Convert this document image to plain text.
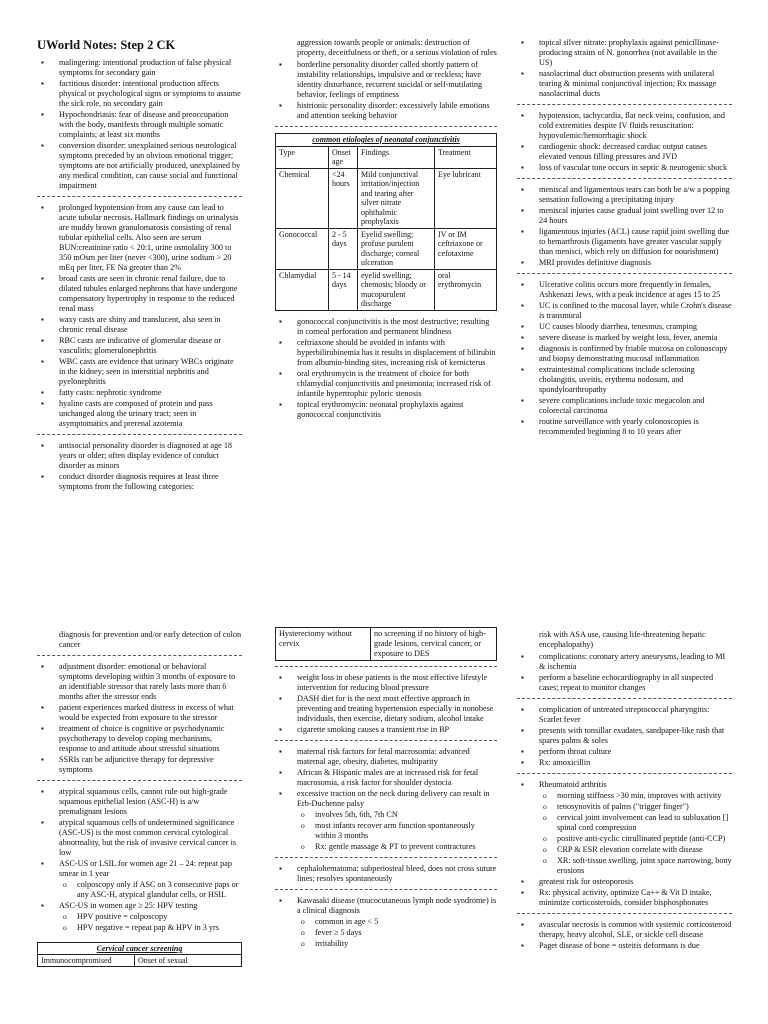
UWorld Notes: Step 2 CK
▪ malingering: intentional production of false physical symptoms for secondary gain
▪ factitious disorder: intentional production affects physical or psychological signs or symptoms to assume the sick role, no secondary gain
▪ Hypochondriasis: fear of disease and preoccupation with the body, manifests through multiple somatic complaints; at least six months
▪ conversion disorder: unexplained serious neurological symptoms preceded by an obvious emotional trigger; symptoms are not artificially produced, unexplained by any medical condition, can cause social and functional impairment
▪ prolonged hypotension from any cause can lead to acute tubular necrosis. Hallmark findings on urinalysis are muddy brown granulomatosis consisting of renal tubular epithelial cells. Also seen are serum BUN:creatinine ratio < 20:1, urine osmolality 300 to 350 mOsm per liter (never <300), urine sodium > 20 mEq per liter, FE Na greater than 2%
▪ broad casts are seen in chronic renal failure, due to dilated tubules enlarged nephrons that have undergone compensatory hypertrophy in response to the reduced renal mass
▪ waxy casts are shiny and translucent, also seen in chronic renal disease
▪ RBC casts are indicative of glomerular disease or vasculitis; glomerulonephritis
▪ WBC casts are evidence that urinary WBCs originate in the kidney; seen in interstitial nephritis and pyelonephritis
▪ fatty casts: nephrotic syndrome
▪ hyaline casts are composed of protein and pass unchanged along the urinary tract; seen in asymptomatics and prerenal azotemia
▪ antisocial personality disorder is diagnosed at age 18 years or older; often display evidence of conduct disorder as minors
▪ conduct disorder diagnosis requires at least three symptoms from the following categories:
aggression towards people or animals: destruction of property, deceitfulness or theft, or a serious violation of rules
▪ borderline personality disorder called shortly pattern of instability relationships, impulsive and or reckless; have identity disturbance, recurrent suicidal or self-mutilating behavior, feelings of emptiness
▪ histrionic personality disorder: excessively labile emotions and attention seeking behavior
common etiologies of neonatal conjunctivitis			
Type	Onset age	Findings	Treatment
Chemical	<24 hours	Mild conjunctival irritation/injection and tearing after silver nitrate ophthalmic prophylaxis	Eye lubricant
Gonococcal	2 - 5 days	Eyelid swelling; profuse purulent discharge; corneal ulceration	IV or IM ceftriaxone or cefotaxime
Chlamydial	5 - 14 days	eyelid swelling; chemosis; bloody or mucopurulent discharge	oral erythromycin
▪ gonococcal conjunctivitis is the most destructive; resulting in corneal perforation and permanent blindness
▪ ceftriaxone should be avoided in infants with hyperbilirubinemia has it results in displacement of bilirubin from albumin-binding sites, increasing risk of kernicterus
▪ oral erythromycin is the treatment of choice for both chlamydial conjunctivitis and pneumonia; increased risk of infantile hypertrophic pyloric stenosis
▪ topical erythromycin: neonatal prophylaxis against gonococcal conjunctivitis
▪ topical silver nitrate: prophylaxis against penicillinase-producing strains of N. gonorrhea (not available in the US)
▪ nasolacrimal duct obstruction presents with unilateral tearing & minimal conjunctival injection; Rx massage nasolacrimal ducts
▪ hypotension, tachycardia, flat neck veins, confusion, and cold extremities despite IV fluids resuscitation: hypovolemic/hemorrhagic shock
▪ cardiogenic shock: decreased cardiac output causes elevated venous filling pressures and JVD
▪ loss of vascular tone occurs in septic & neurogenic shock
▪ meniscal and ligamentous tears can both be a/w a popping sensation following a precipitating injury
▪ meniscal injuries cause gradual joint swelling over 12 to 24 hours
▪ ligamentous injuries (ACL) cause rapid joint swelling due to hemarthrosis (ligaments have greater vascular supply than menisci, which rely on diffusion for nourishment)
▪ MRI provides definitive diagnosis
▪ Ulcerative colitis occurs more frequently in females, Ashkenazi Jews, with a peak incidence at ages 15 to 25
▪ UC is confined to the mucosal layer, while Crohn's disease is transmural
▪ UC causes bloody diarrhea, tenesmus, cramping
▪ severe disease is marked by weight loss, fever, anemia
▪ diagnosis is confirmed by friable mucosa on colonoscopy and biopsy demonstrating mucosal inflammation
▪ extraintestinal complications include sclerosing cholangitis, uveitis, erythema nodosum, and spondyloarthropathy
▪ severe complications include toxic megacolon and colorectal carcinoma
▪ routine surveillance with yearly colonoscopies is recommended beginning 8 to 10 years after
diagnosis for prevention and/or early detection of colon cancer
▪ adjustment disorder: emotional or behavioral symptoms developing within 3 months of exposure to an identifiable stressor that rarely lasts more than 6 months after the stressor ends
▪ patient experiences marked distress in excess of what would be expected from exposure to the stressor
▪ treatment of choice is cognitive or psychodynamic psychotherapy to develop coping mechanisms, response to and attitude about stressful situations
▪ SSRIs can be adjunctive therapy for depressive symptoms
▪ atypical squamous cells, cannot rule out high-grade squamous epithelial lesion (ASC-H) is a/w premalignant lesions
▪ atypical squamous cells of undetermined significance (ASC-US) is the most common cervical cytological abnormality, but the risk of invasive cervical cancer is low
▪ ASC-US or LSIL for women age 21 – 24: repeat pap smear in 1 year
o colposcopy only if ASC on 3 consecutive paps or any ASC-H, atypical glandular cells, or HSIL
▪ ASC-US in women age ≥ 25: HPV testing
o HPV positive = colposcopy
o HPV negative = repeat pap & HPV in 3 yrs
Cervical cancer screening
Immunocompromised	Onset of sexual
Hysterectomy without cervix	no screening if no history of high-grade lesions, cervical cancer, or exposure to DES
▪ weight loss in obese patients is the most effective lifestyle intervention for reducing blood pressure
▪ DASH diet for is the next most effective approach in preventing and treating hypertension especially in nonobese individuals, then exercise, dietary sodium, alcohol intake
▪ cigarette smoking causes a transient rise in BP
▪ maternal risk factors for fetal macrosomia: advanced maternal age, obesity, diabetes, multiparity
▪ African & Hispanic males are at increased risk for fetal macrosomia, a risk factor for shoulder dystocia
▪ excessive traction on the neck during delivery can result in Erb-Duchenne palsy
o involves 5th, 6th, 7th CN
o most infants recover arm function spontaneously within 3 months
o Rx: gentle massage & PT to prevent contractures
▪ cephalohematoma: subperiosteal bleed, does not cross suture lines; resolves spontaneously
▪ Kawasaki disease (mucocutaneous lymph node syndrome) is a clinical diagnosis
o common in age < 5
o fever ≥ 5 days
o irritability
risk with ASA use, causing life-threatening hepatic encephalopathy)
▪ complications: coronary artery aneurysms, leading to MI & ischemia
▪ perform a baseline echocardiography in all suspected cases; repeat to monitor changes
▪ complication of untreated streptococcal pharyngitis: Scarlet fever
▪ presents with tonsillar exudates, sandpaper-like rash that spares palms & soles
▪ perform throat culture
▪ Rx: amoxicillin
▪ Rheumatoid arthritis
o morning stiffness >30 min, improves with activity
o tenosynovitis of palms ("trigger finger")
o cervical joint involvement can lead to subluxation [] spinal cord compression
o positive anti-cyclic citrullinated peptide (anti-CCP)
o CRP & ESR elevation correlate with disease
o XR: soft-tissue swelling, joint space narrowing, bony erosions
▪ greatest risk for osteoporosis
▪ Rx: physical activity, optimize Ca++ & Vit D intake, minimize corticosteroids, consider bisphosphonates
▪ avascular necrosis is common with systemic corticosteroid therapy, heavy alcohol, SLE, or sickle cell disease
▪ Paget disease of bone = osteitis deformans is due
